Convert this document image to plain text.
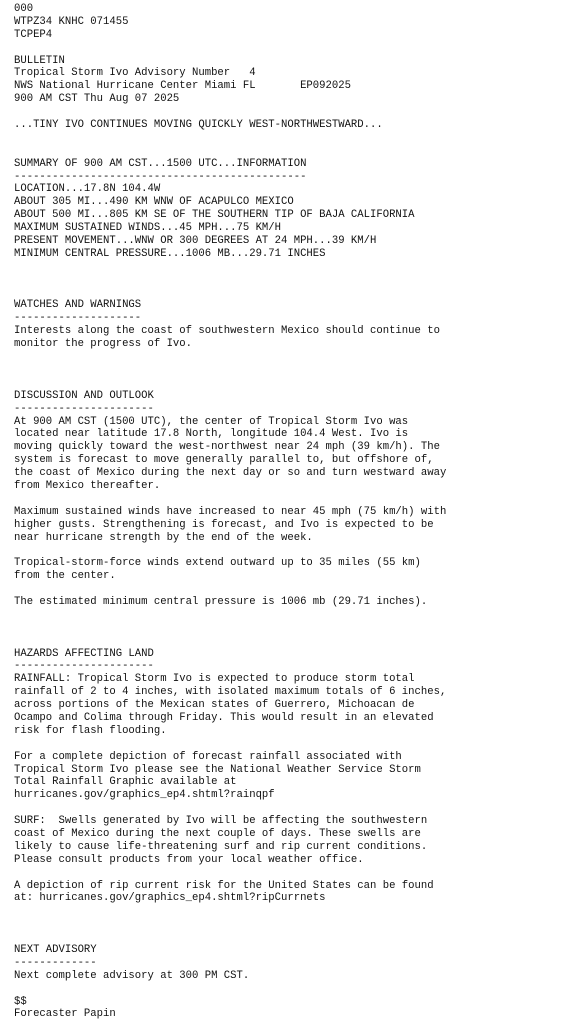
000
WTPZ34 KNHC 071455
TCPEP4
BULLETIN
Tropical Storm Ivo Advisory Number   4
NWS National Hurricane Center Miami FL       EP092025
900 AM CST Thu Aug 07 2025
...TINY IVO CONTINUES MOVING QUICKLY WEST-NORTHWESTWARD...
SUMMARY OF 900 AM CST...1500 UTC...INFORMATION
----------------------------------------------
LOCATION...17.8N 104.4W
ABOUT 305 MI...490 KM WNW OF ACAPULCO MEXICO
ABOUT 500 MI...805 KM SE OF THE SOUTHERN TIP OF BAJA CALIFORNIA
MAXIMUM SUSTAINED WINDS...45 MPH...75 KM/H
PRESENT MOVEMENT...WNW OR 300 DEGREES AT 24 MPH...39 KM/H
MINIMUM CENTRAL PRESSURE...1006 MB...29.71 INCHES
WATCHES AND WARNINGS
--------------------
Interests along the coast of southwestern Mexico should continue to
monitor the progress of Ivo.
DISCUSSION AND OUTLOOK
----------------------
At 900 AM CST (1500 UTC), the center of Tropical Storm Ivo was
located near latitude 17.8 North, longitude 104.4 West. Ivo is
moving quickly toward the west-northwest near 24 mph (39 km/h). The
system is forecast to move generally parallel to, but offshore of,
the coast of Mexico during the next day or so and turn westward away
from Mexico thereafter.
Maximum sustained winds have increased to near 45 mph (75 km/h) with
higher gusts. Strengthening is forecast, and Ivo is expected to be
near hurricane strength by the end of the week.
Tropical-storm-force winds extend outward up to 35 miles (55 km)
from the center.
The estimated minimum central pressure is 1006 mb (29.71 inches).
HAZARDS AFFECTING LAND
----------------------
RAINFALL: Tropical Storm Ivo is expected to produce storm total
rainfall of 2 to 4 inches, with isolated maximum totals of 6 inches,
across portions of the Mexican states of Guerrero, Michoacan de
Ocampo and Colima through Friday. This would result in an elevated
risk for flash flooding.
For a complete depiction of forecast rainfall associated with
Tropical Storm Ivo please see the National Weather Service Storm
Total Rainfall Graphic available at
hurricanes.gov/graphics_ep4.shtml?rainqpf
SURF:  Swells generated by Ivo will be affecting the southwestern
coast of Mexico during the next couple of days. These swells are
likely to cause life-threatening surf and rip current conditions.
Please consult products from your local weather office.
A depiction of rip current risk for the United States can be found
at: hurricanes.gov/graphics_ep4.shtml?ripCurrnets
NEXT ADVISORY
-------------
Next complete advisory at 300 PM CST.
$$
Forecaster Papin
